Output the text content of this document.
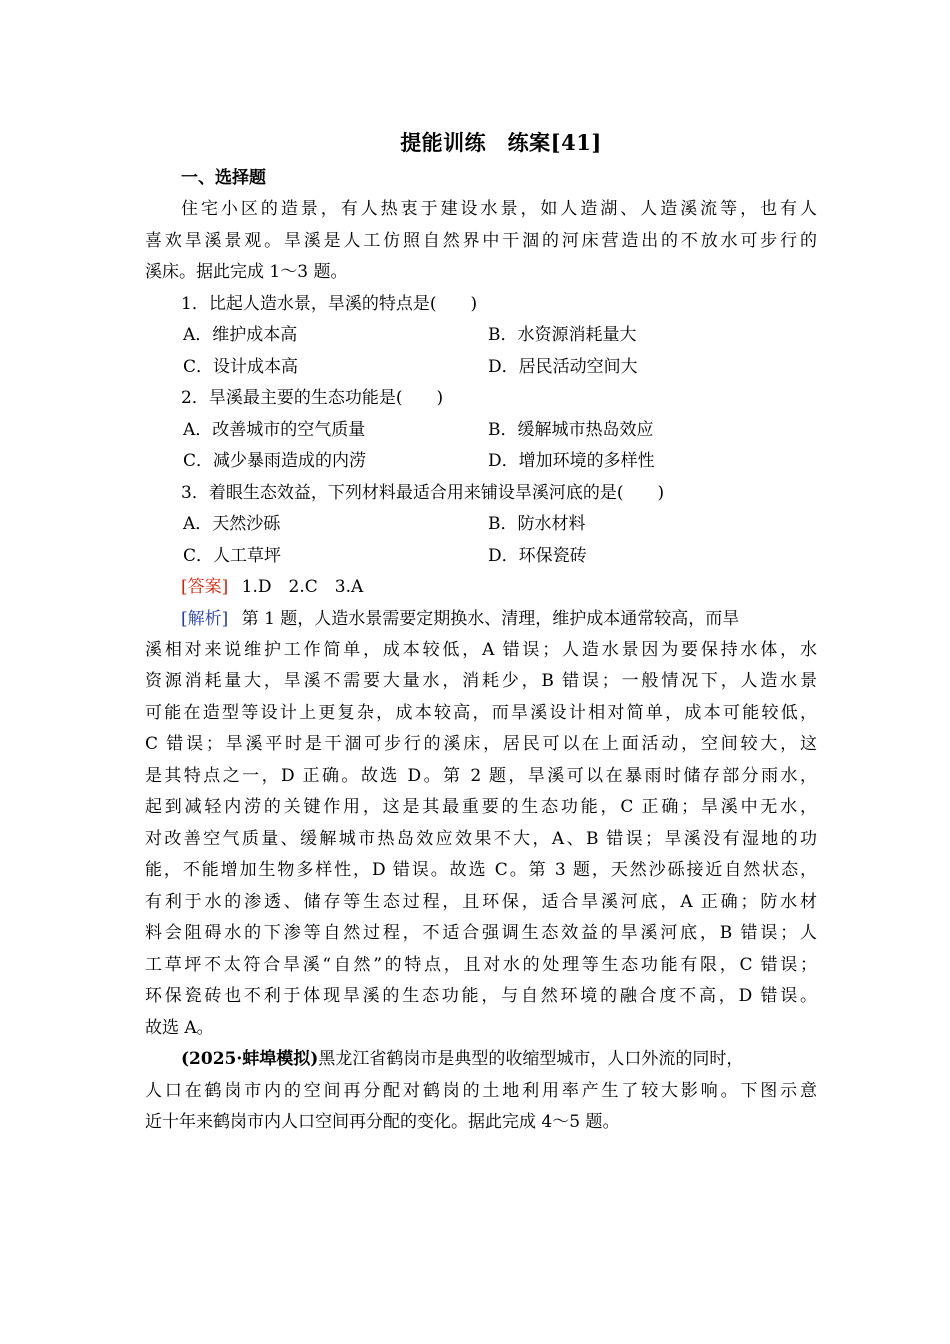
提能训练　练案[41]
一、选择题
住宅小区的造景，有人热衷于建设水景，如人造湖、人造溪流等，也有人
喜欢旱溪景观。旱溪是人工仿照自然界中干涸的河床营造出的不放水可步行的
溪床。据此完成 1～3 题。
1．比起人造水景，旱溪的特点是(　　)
A．维护成本高	B．水资源消耗量大
C．设计成本高	D．居民活动空间大
2．旱溪最主要的生态功能是(　　)
A．改善城市的空气质量	B．缓解城市热岛效应
C．减少暴雨造成的内涝	D．增加环境的多样性
3．着眼生态效益，下列材料最适合用来铺设旱溪河底的是(　　)
A．天然沙砾	B．防水材料
C．人工草坪	D．环保瓷砖
[答案] 1.D　2.C　3.A
[解析] 第 1 题，人造水景需要定期换水、清理，维护成本通常较高，而旱
溪相对来说维护工作简单，成本较低，A 错误；人造水景因为要保持水体，水
资源消耗量大，旱溪不需要大量水，消耗少，B 错误；一般情况下，人造水景
可能在造型等设计上更复杂，成本较高，而旱溪设计相对简单，成本可能较低，
C 错误；旱溪平时是干涸可步行的溪床，居民可以在上面活动，空间较大，这
是其特点之一，D 正确。故选 D。第 2 题，旱溪可以在暴雨时储存部分雨水，
起到减轻内涝的关键作用，这是其最重要的生态功能，C 正确；旱溪中无水，
对改善空气质量、缓解城市热岛效应效果不大，A、B 错误；旱溪没有湿地的功
能，不能增加生物多样性，D 错误。故选 C。第 3 题，天然沙砾接近自然状态，
有利于水的渗透、储存等生态过程，且环保，适合旱溪河底，A 正确；防水材
料会阻碍水的下渗等自然过程，不适合强调生态效益的旱溪河底，B 错误；人
工草坪不太符合旱溪“自然”的特点，且对水的处理等生态功能有限，C 错误；
环保瓷砖也不利于体现旱溪的生态功能，与自然环境的融合度不高，D 错误。
故选 A。
(2025·蚌埠模拟)黑龙江省鹤岗市是典型的收缩型城市，人口外流的同时，
人口在鹤岗市内的空间再分配对鹤岗的土地利用率产生了较大影响。下图示意
近十年来鹤岗市内人口空间再分配的变化。据此完成 4～5 题。
